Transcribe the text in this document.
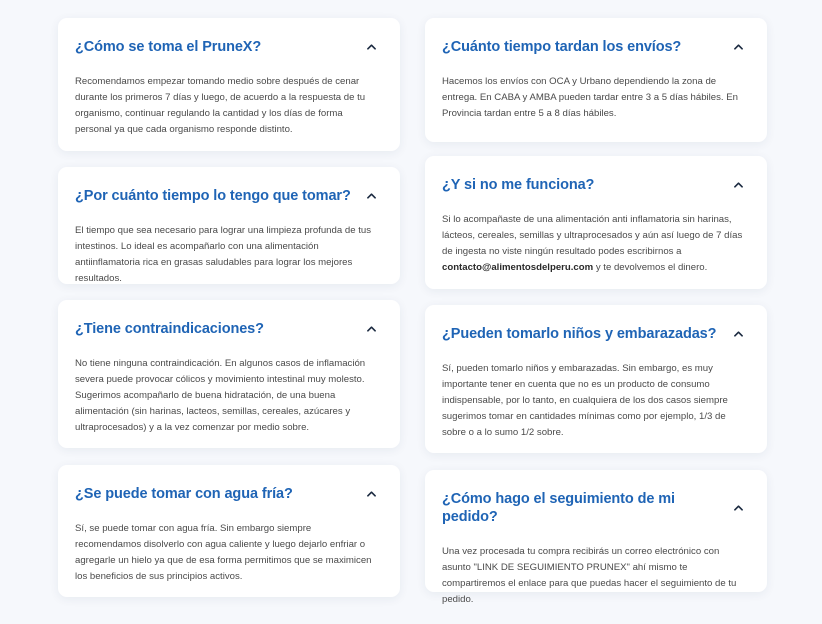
¿Cómo se toma el PruneX?

Recomendamos empezar tomando medio sobre después de cenar durante los primeros 7 días y luego, de acuerdo a la respuesta de tu organismo, continuar regulando la cantidad y los días de forma personal ya que cada organismo responde distinto.

¿Por cuánto tiempo lo tengo que tomar?

El tiempo que sea necesario para lograr una limpieza profunda de tus intestinos. Lo ideal es acompañarlo con una alimentación antiinflamatoria rica en grasas saludables para lograr los mejores resultados.

¿Tiene contraindicaciones?

No tiene ninguna contraindicación. En algunos casos de inflamación severa puede provocar cólicos y movimiento intestinal muy molesto. Sugerimos acompañarlo de buena hidratación, de una buena alimentación (sin harinas, lacteos, semillas, cereales, azúcares y ultraprocesados) y a la vez comenzar por medio sobre.

¿Se puede tomar con agua fría?

Sí, se puede tomar con agua fría. Sin embargo siempre recomendamos disolverlo con agua caliente y luego dejarlo enfriar o agregarle un hielo ya que de esa forma permitimos que se maximicen los beneficios de sus principios activos.

¿Cuánto tiempo tardan los envíos?

Hacemos los envíos con OCA y Urbano dependiendo la zona de entrega. En CABA y AMBA pueden tardar entre 3 a 5 días hábiles. En Provincia tardan entre 5 a 8 días hábiles.

¿Y si no me funciona?

Si lo acompañaste de una alimentación anti inflamatoria sin harinas, lácteos, cereales, semillas y ultraprocesados y aún así luego de 7 días de ingesta no viste ningún resultado podes escribirnos a contacto@alimentosdelperu.com y te devolvemos el dinero.

¿Pueden tomarlo niños y embarazadas?

Sí, pueden tomarlo niños y embarazadas. Sin embargo, es muy importante tener en cuenta que no es un producto de consumo indispensable, por lo tanto, en cualquiera de los dos casos siempre sugerimos tomar en cantidades mínimas como por ejemplo, 1/3 de sobre o a lo sumo 1/2 sobre.

¿Cómo hago el seguimiento de mi pedido?

Una vez procesada tu compra recibirás un correo electrónico con asunto "LINK DE SEGUIMIENTO PRUNEX" ahí mismo te compartiremos el enlace para que puedas hacer el seguimiento de tu pedido.
